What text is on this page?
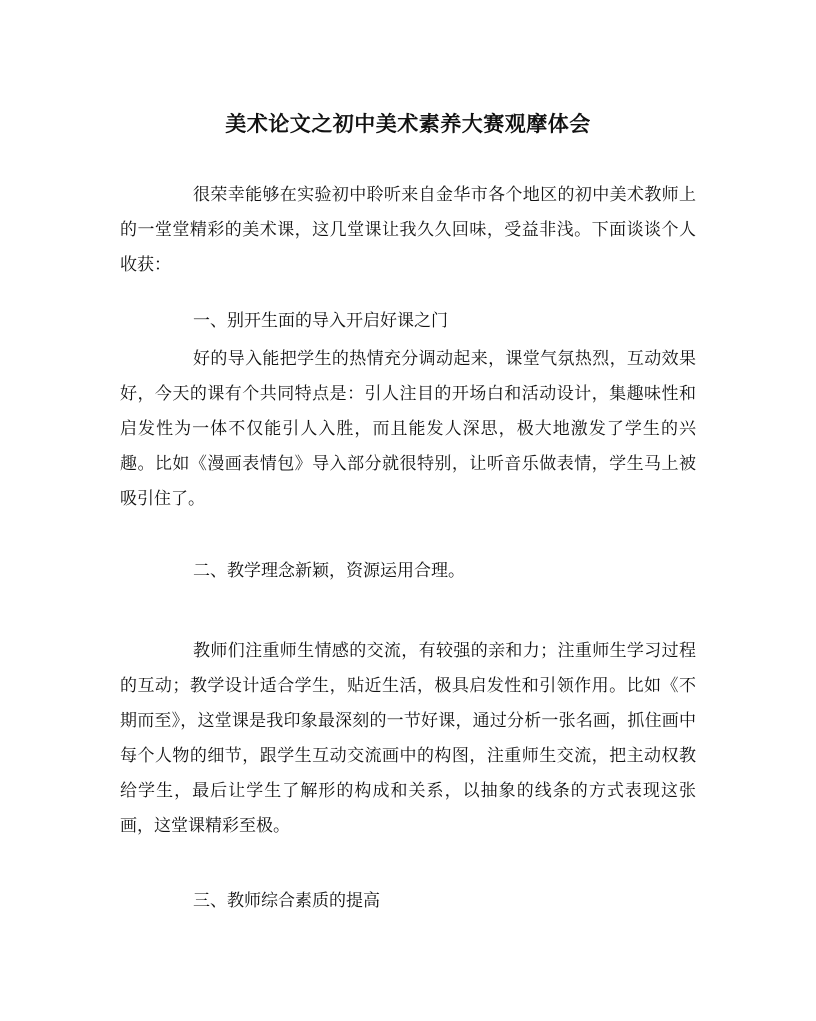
美术论文之初中美术素养大赛观摩体会

很荣幸能够在实验初中聆听来自金华市各个地区的初中美术教师上的一堂堂精彩的美术课，这几堂课让我久久回味，受益非浅。下面谈谈个人收获：

一、别开生面的导入开启好课之门

好的导入能把学生的热情充分调动起来，课堂气氛热烈，互动效果好，今天的课有个共同特点是：引人注目的开场白和活动设计，集趣味性和启发性为一体不仅能引人入胜，而且能发人深思，极大地激发了学生的兴趣。比如《漫画表情包》导入部分就很特别，让听音乐做表情，学生马上被吸引住了。

二、教学理念新颖，资源运用合理。

教师们注重师生情感的交流，有较强的亲和力；注重师生学习过程的互动；教学设计适合学生，贴近生活，极具启发性和引领作用。比如《不期而至》，这堂课是我印象最深刻的一节好课，通过分析一张名画，抓住画中每个人物的细节，跟学生互动交流画中的构图，注重师生交流，把主动权教给学生，最后让学生了解形的构成和关系，以抽象的线条的方式表现这张画，这堂课精彩至极。

三、教师综合素质的提高
